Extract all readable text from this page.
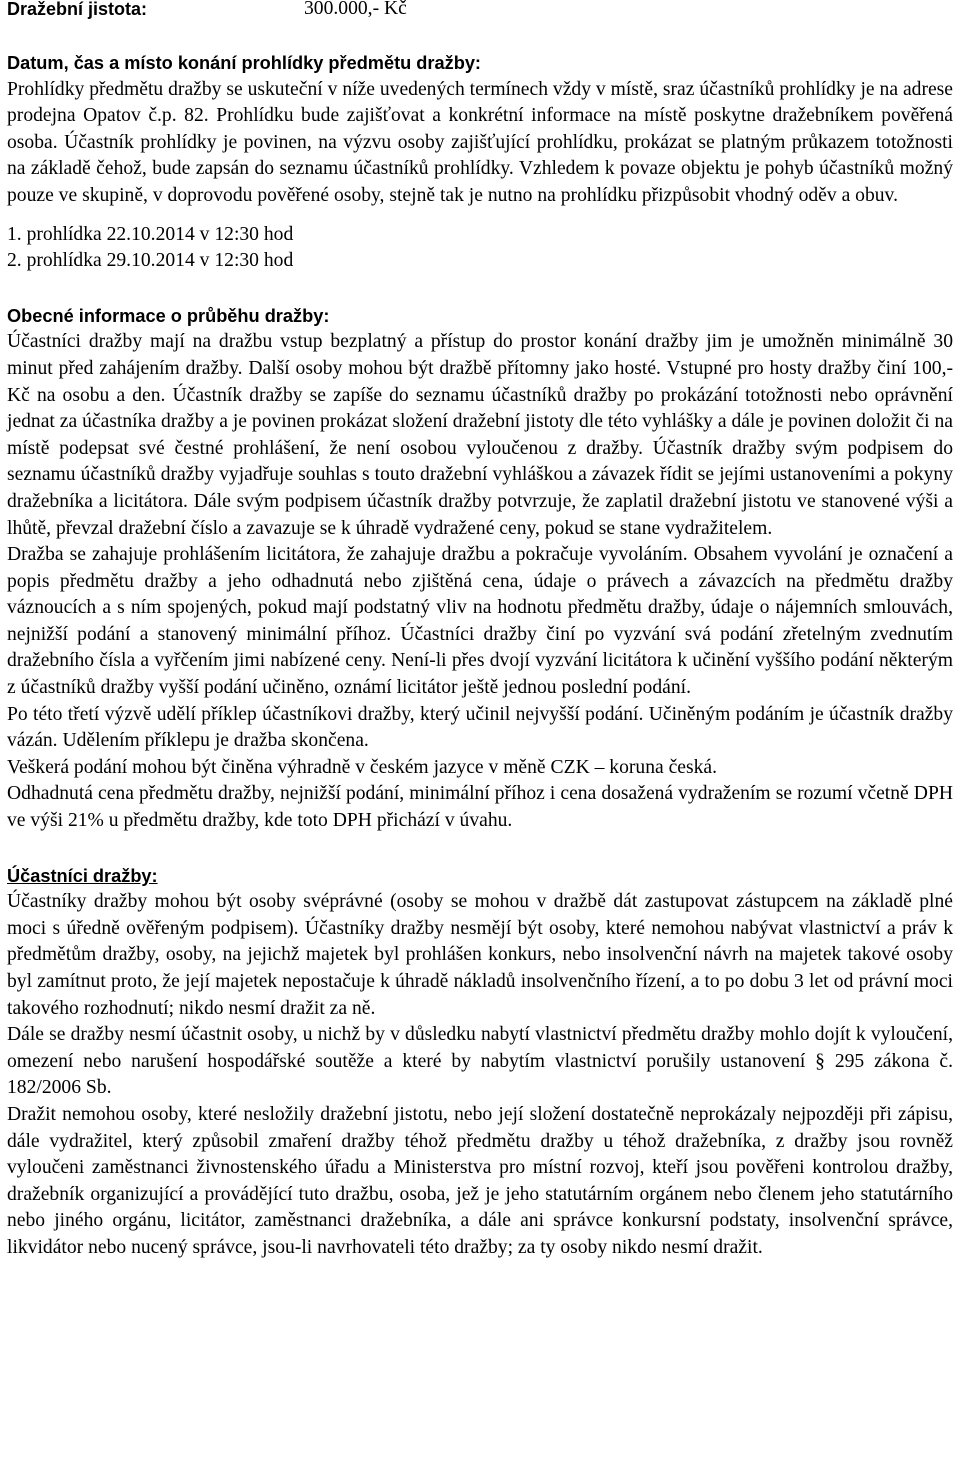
Dražební jistota:	300.000,- Kč
Datum, čas a místo konání prohlídky předmětu dražby:

Prohlídky předmětu dražby se uskuteční v níže uvedených termínech vždy v místě, sraz účastníků prohlídky je na adrese prodejna Opatov č.p. 82. Prohlídku bude zajišťovat a konkrétní informace na místě poskytne dražebníkem pověřená osoba. Účastník prohlídky je povinen, na výzvu osoby zajišťující prohlídku, prokázat se platným průkazem totožnosti na základě čehož, bude zapsán do seznamu účastníků prohlídky. Vzhledem k povaze objektu je pohyb účastníků možný pouze ve skupině, v doprovodu pověřené osoby, stejně tak je nutno na prohlídku přizpůsobit vhodný oděv a obuv.

1. prohlídka 22.10.2014 v 12:30 hod
2. prohlídka 29.10.2014 v 12:30 hod
Obecné informace o průběhu dražby:

Účastníci dražby mají na dražbu vstup bezplatný a přístup do prostor konání dražby jim je umožněn minimálně 30 minut před zahájením dražby. Další osoby mohou být dražbě přítomny jako hosté. Vstupné pro hosty dražby činí 100,- Kč na osobu a den. Účastník dražby se zapíše do seznamu účastníků dražby po prokázání totožnosti nebo oprávnění jednat za účastníka dražby a je povinen prokázat složení dražební jistoty dle této vyhlášky a dále je povinen doložit či na místě podepsat své čestné prohlášení, že není osobou vyloučenou z dražby. Účastník dražby svým podpisem do seznamu účastníků dražby vyjadřuje souhlas s touto dražební vyhláškou a závazek řídit se jejími ustanoveními a pokyny dražebníka a licitátora. Dále svým podpisem účastník dražby potvrzuje, že zaplatil dražební jistotu ve stanovené výši a lhůtě, převzal dražební číslo a zavazuje se k úhradě vydražené ceny, pokud se stane vydražitelem.

Dražba se zahajuje prohlášením licitátora, že zahajuje dražbu a pokračuje vyvoláním. Obsahem vyvolání je označení a popis předmětu dražby a jeho odhadnutá nebo zjištěná cena, údaje o právech a závazcích na předmětu dražby váznoucích a s ním spojených, pokud mají podstatný vliv na hodnotu předmětu dražby, údaje o nájemních smlouvách, nejnižší podání a stanovený minimální příhoz. Účastníci dražby činí po vyzvání svá podání zřetelným zvednutím dražebního čísla a vyřčením jimi nabízené ceny. Není-li přes dvojí vyzvání licitátora k učinění vyššího podání některým z účastníků dražby vyšší podání učiněno, oznámí licitátor ještě jednou poslední podání.

Po této třetí výzvě udělí příklep účastníkovi dražby, který učinil nejvyšší podání. Učiněným podáním je účastník dražby vázán. Udělením příklepu je dražba skončena.

Veškerá podání mohou být činěna výhradně v českém jazyce v měně CZK – koruna česká.

Odhadnutá cena předmětu dražby, nejnižší podání, minimální příhoz i cena dosažená vydražením se rozumí včetně DPH ve výši 21% u předmětu dražby, kde toto DPH přichází v úvahu.

Účastníci dražby:

Účastníky dražby mohou být osoby svéprávné (osoby se mohou v dražbě dát zastupovat zástupcem na základě plné moci s úředně ověřeným podpisem). Účastníky dražby nesmějí být osoby, které nemohou nabývat vlastnictví a práv k předmětům dražby, osoby, na jejichž majetek byl prohlášen konkurs, nebo insolvenční návrh na majetek takové osoby byl zamítnut proto, že její majetek nepostačuje k úhradě nákladů insolvenčního řízení, a to po dobu 3 let od právní moci takového rozhodnutí; nikdo nesmí dražit za ně.

Dále se dražby nesmí účastnit osoby, u nichž by v důsledku nabytí vlastnictví předmětu dražby mohlo dojít k vyloučení, omezení nebo narušení hospodářské soutěže a které by nabytím vlastnictví porušily ustanovení § 295 zákona č. 182/2006 Sb.

Dražit nemohou osoby, které nesložily dražební jistotu, nebo její složení dostatečně neprokázaly nejpozději při zápisu, dále vydražitel, který způsobil zmaření dražby téhož předmětu dražby u téhož dražebníka, z dražby jsou rovněž vyloučeni zaměstnanci živnostenského úřadu a Ministerstva pro místní rozvoj, kteří jsou pověřeni kontrolou dražby, dražebník organizující a provádějící tuto dražbu, osoba, jež je jeho statutárním orgánem nebo členem jeho statutárního nebo jiného orgánu, licitátor, zaměstnanci dražebníka, a dále ani správce konkursní podstaty, insolvenční správce, likvidátor nebo nucený správce, jsou-li navrhovateli této dražby; za ty osoby nikdo nesmí dražit.
